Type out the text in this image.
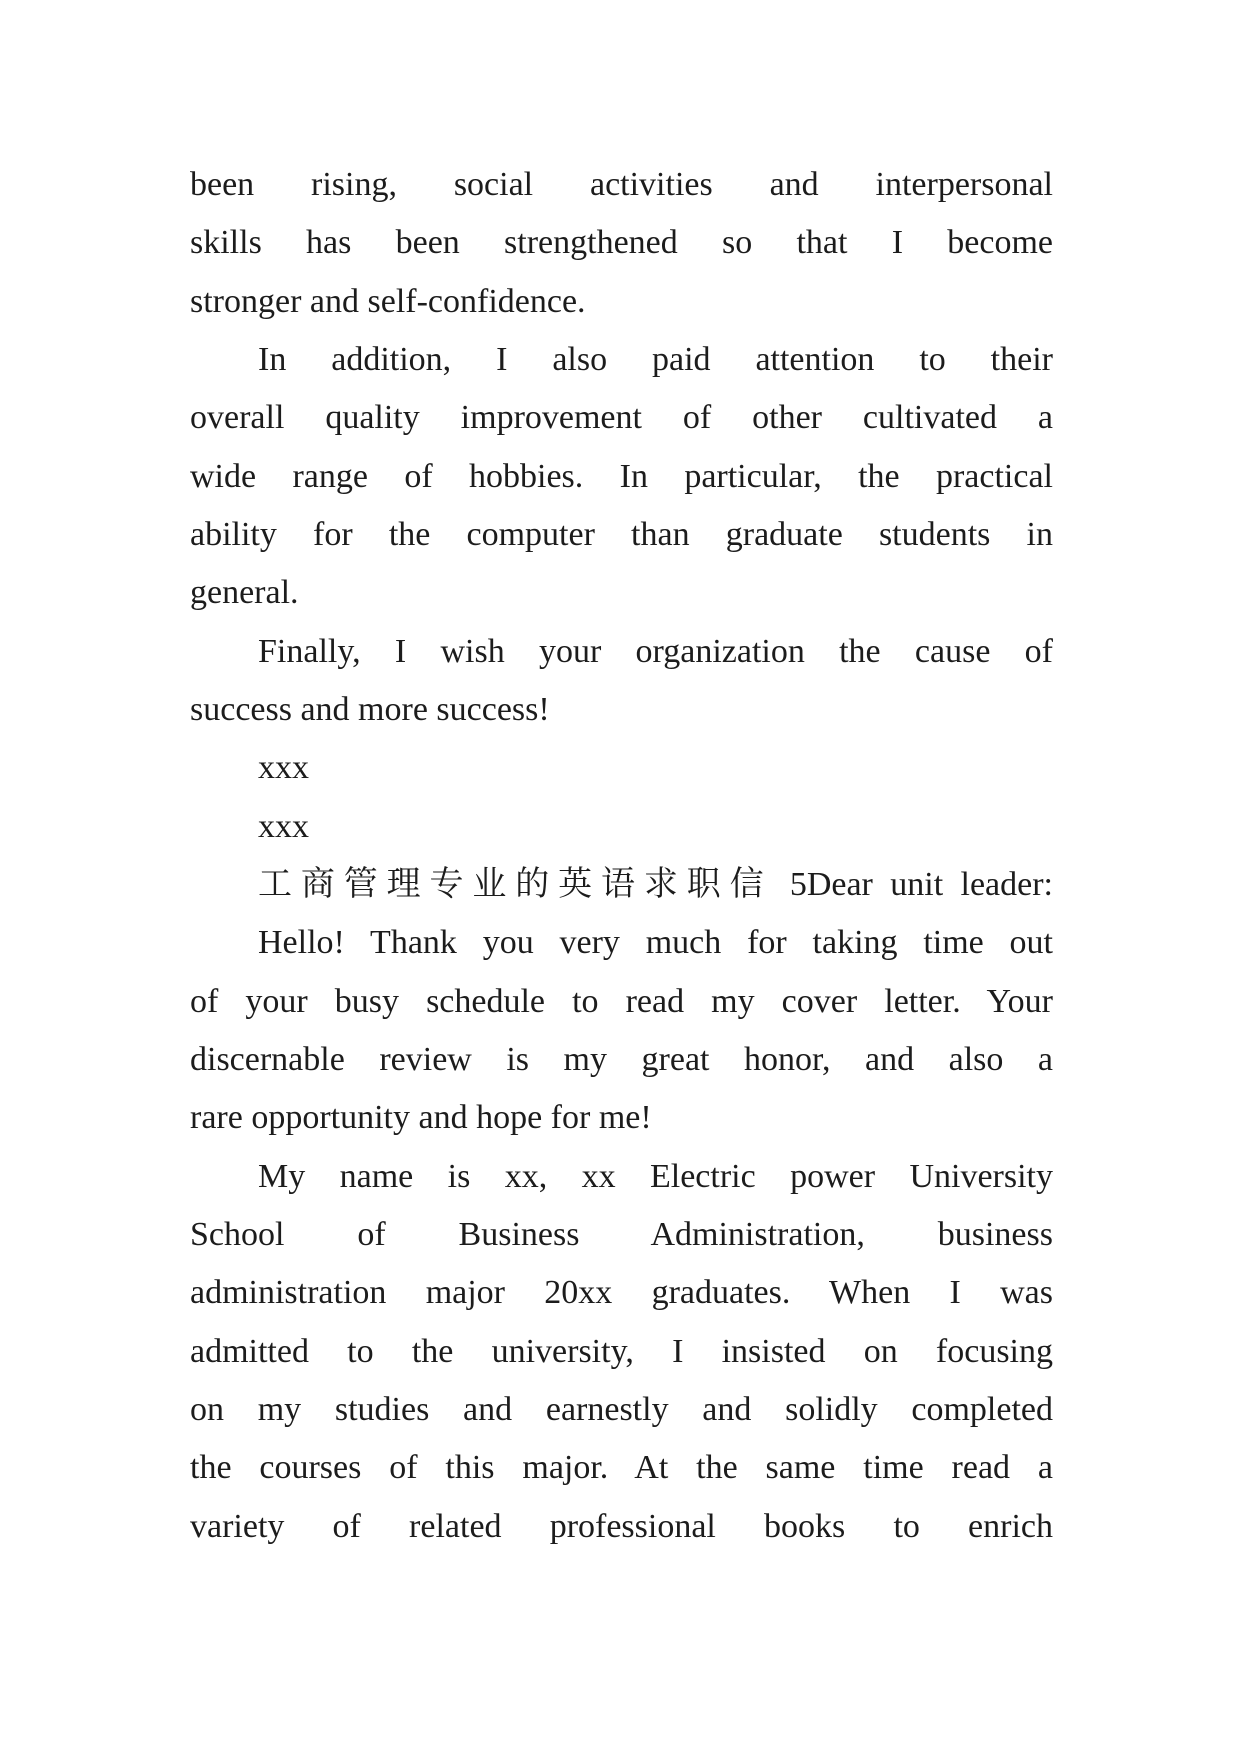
been rising, social activities and interpersonal
skills has been strengthened so that I become
stronger and self-confidence.

In addition, I also paid attention to their
overall quality improvement of other cultivated a
wide range of hobbies. In particular, the practical
ability for the computer than graduate students in
general.

Finally, I wish your organization the cause of
success and more success!

xxx

xxx

工商管理专业的英语求职信 5Dear unit leader:

Hello! Thank you very much for taking time out
of your busy schedule to read my cover letter. Your
discernable review is my great honor, and also a
rare opportunity and hope for me!

My name is xx, xx Electric power University
School of Business Administration, business
administration major 20xx graduates. When I was
admitted to the university, I insisted on focusing
on my studies and earnestly and solidly completed
the courses of this major. At the same time read a
variety of related professional books to enrich
